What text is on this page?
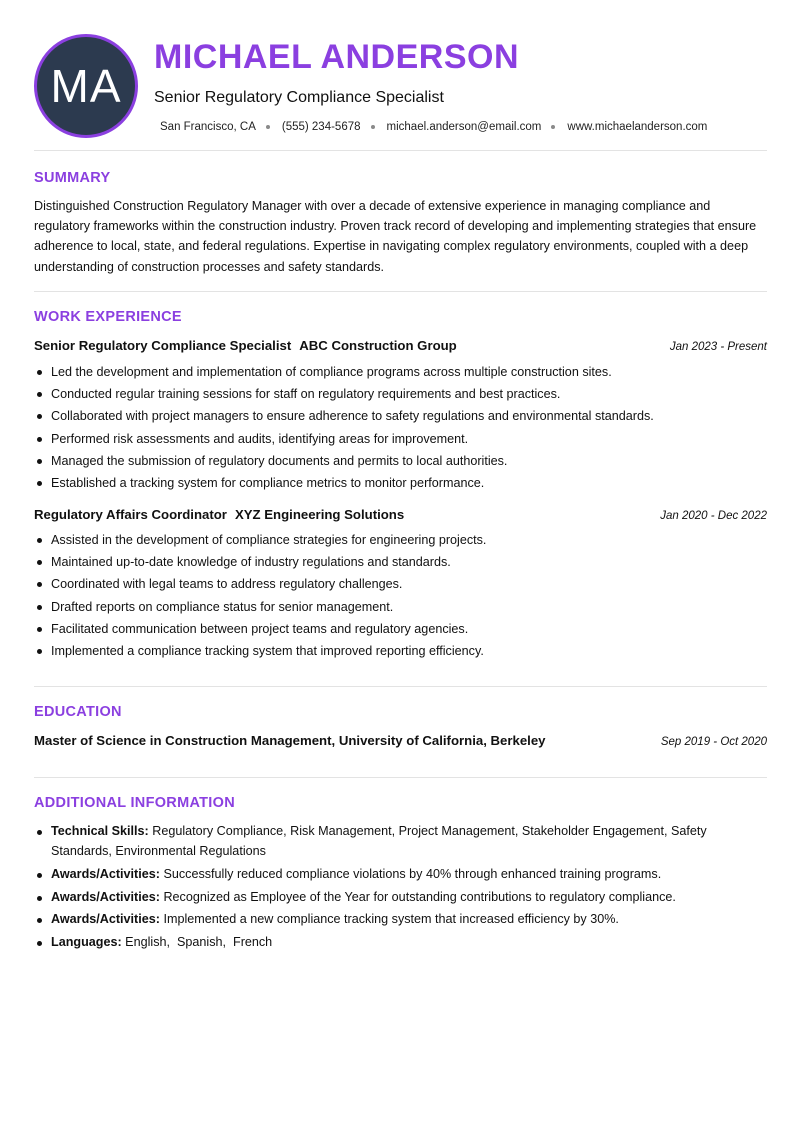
MA
MICHAEL ANDERSON
Senior Regulatory Compliance Specialist
San Francisco, CA (555) 234-5678 michael.anderson@email.com www.michaelanderson.com
SUMMARY
Distinguished Construction Regulatory Manager with over a decade of extensive experience in managing compliance and regulatory frameworks within the construction industry. Proven track record of developing and implementing strategies that ensure adherence to local, state, and federal regulations. Expertise in navigating complex regulatory environments, coupled with a deep understanding of construction processes and safety standards.
WORK EXPERIENCE
Senior Regulatory Compliance Specialist ABC Construction Group	Jan 2023 - Present
Led the development and implementation of compliance programs across multiple construction sites.
Conducted regular training sessions for staff on regulatory requirements and best practices.
Collaborated with project managers to ensure adherence to safety regulations and environmental standards.
Performed risk assessments and audits, identifying areas for improvement.
Managed the submission of regulatory documents and permits to local authorities.
Established a tracking system for compliance metrics to monitor performance.
Regulatory Affairs Coordinator XYZ Engineering Solutions	Jan 2020 - Dec 2022
Assisted in the development of compliance strategies for engineering projects.
Maintained up-to-date knowledge of industry regulations and standards.
Coordinated with legal teams to address regulatory challenges.
Drafted reports on compliance status for senior management.
Facilitated communication between project teams and regulatory agencies.
Implemented a compliance tracking system that improved reporting efficiency.
EDUCATION
Master of Science in Construction Management, University of California, Berkeley	Sep 2019 - Oct 2020
ADDITIONAL INFORMATION
Technical Skills: Regulatory Compliance, Risk Management, Project Management, Stakeholder Engagement, Safety Standards, Environmental Regulations
Awards/Activities: Successfully reduced compliance violations by 40% through enhanced training programs.
Awards/Activities: Recognized as Employee of the Year for outstanding contributions to regulatory compliance.
Awards/Activities: Implemented a new compliance tracking system that increased efficiency by 30%.
Languages: English,  Spanish,  French
